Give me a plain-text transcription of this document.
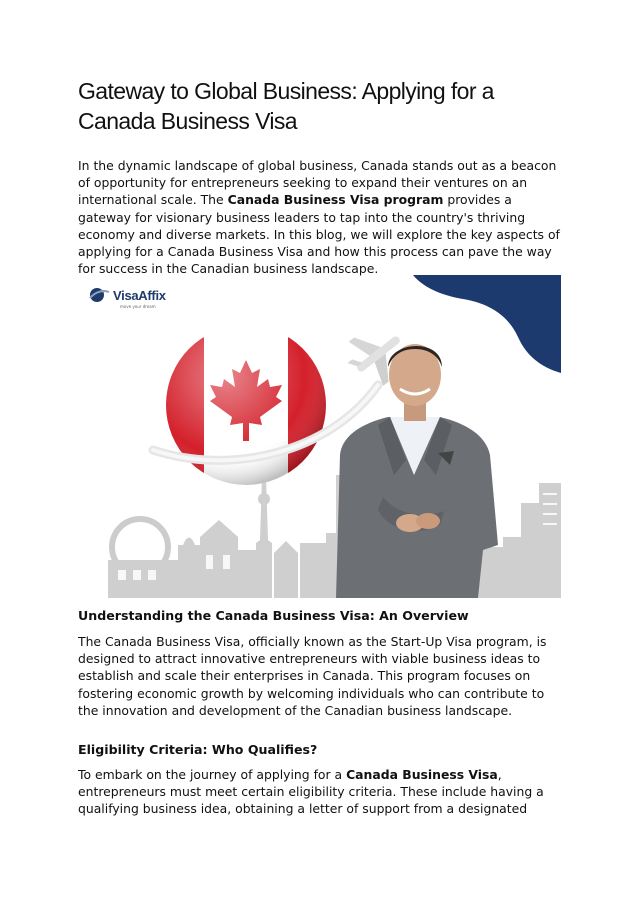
Gateway to Global Business: Applying for a Canada Business Visa

In the dynamic landscape of global business, Canada stands out as a beacon of opportunity for entrepreneurs seeking to expand their ventures on an international scale. The Canada Business Visa program provides a gateway for visionary business leaders to tap into the country's thriving economy and diverse markets. In this blog, we will explore the key aspects of applying for a Canada Business Visa and how this process can pave the way for success in the Canadian business landscape.

VisaAffix
move your dream
Understanding the Canada Business Visa: An Overview

The Canada Business Visa, officially known as the Start-Up Visa program, is designed to attract innovative entrepreneurs with viable business ideas to establish and scale their enterprises in Canada. This program focuses on fostering economic growth by welcoming individuals who can contribute to the innovation and development of the Canadian business landscape.

Eligibility Criteria: Who Qualifies?

To embark on the journey of applying for a Canada Business Visa, entrepreneurs must meet certain eligibility criteria. These include having a qualifying business idea, obtaining a letter of support from a designated
